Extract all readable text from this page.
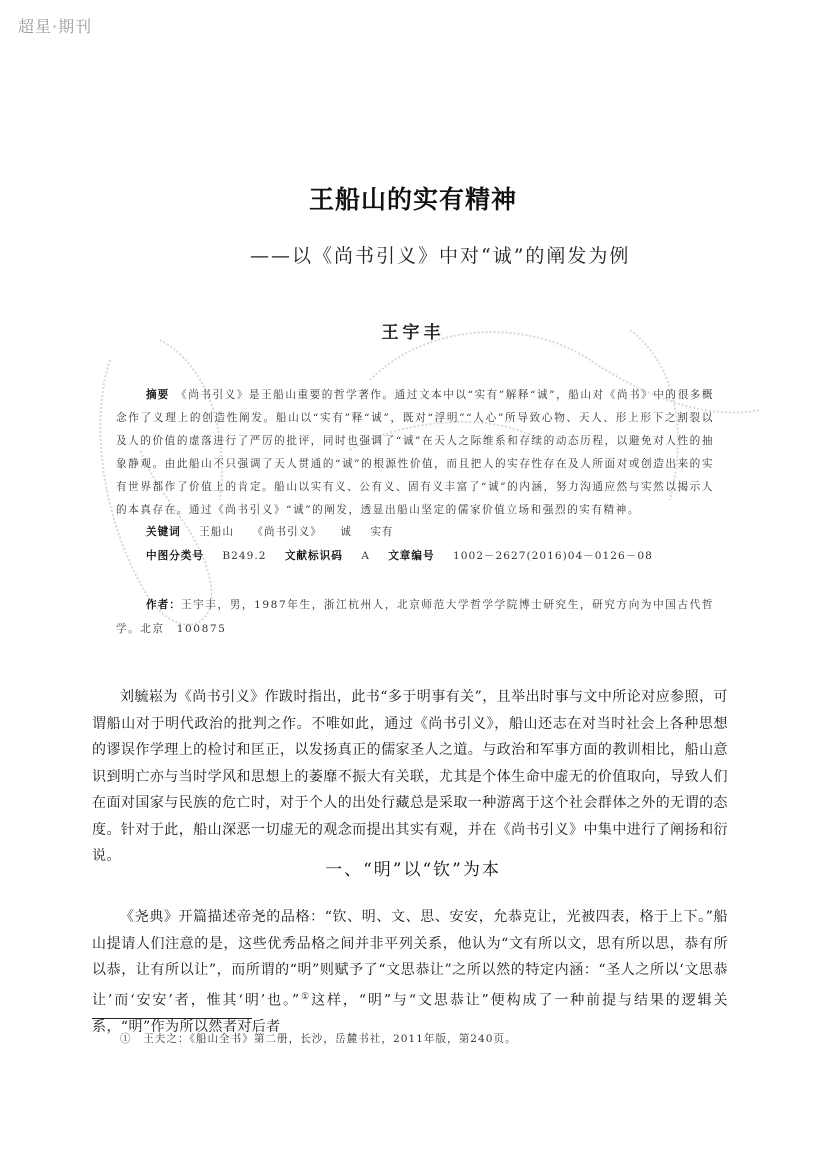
超星·期刊
王船山的实有精神
——以《尚书引义》中对“诚”的阐发为例
王宇丰
摘要　 《尚书引义》是王船山重要的哲学著作。通过文本中以“实有”解释“诚”，船山对《尚书》中的很多概念作了义理上的创造性阐发。船山以“实有”释“诚”，既对“浮明”“人心”所导致心物、天人、形上形下之割裂以及人的价值的虚落进行了严厉的批评，同时也强调了“诚”在天人之际维系和存续的动态历程，以避免对人性的抽象静观。由此船山不只强调了天人贯通的“诚”的根源性价值，而且把人的实存性存在及人所面对或创造出来的实有世界都作了价值上的肯定。船山以实有义、公有义、固有义丰富了“诚”的内涵，努力沟通应然与实然以揭示人的本真存在。通过《尚书引义》“诚”的阐发，透显出船山坚定的儒家价值立场和强烈的实有精神。
关键词 王船山 《尚书引义》 诚 实有
中图分类号 B249.2 文献标识码 A 文章编号 1002－2627(2016)04－0126－08
作者：王宇丰，男，1987年生，浙江杭州人，北京师范大学哲学学院博士研究生，研究方向为中国古代哲学。北京　100875
刘毓崧为《尚书引义》作跋时指出，此书“多于明事有关”，且举出时事与文中所论对应参照，可谓船山对于明代政治的批判之作。不唯如此，通过《尚书引义》，船山还志在对当时社会上各种思想的谬误作学理上的检讨和匡正，以发扬真正的儒家圣人之道。与政治和军事方面的教训相比，船山意识到明亡亦与当时学风和思想上的萎靡不振大有关联，尤其是个体生命中虚无的价值取向，导致人们在面对国家与民族的危亡时，对于个人的出处行藏总是采取一种游离于这个社会群体之外的无谓的态度。针对于此，船山深恶一切虚无的观念而提出其实有观，并在《尚书引义》中集中进行了阐扬和衍说。
一、“明”以“钦”为本
《尧典》开篇描述帝尧的品格：“钦、明、文、思、安安，允恭克让，光被四表，格于上下。”船山提请人们注意的是，这些优秀品格之间并非平列关系，他认为“文有所以文，思有所以思，恭有所以恭，让有所以让”，而所谓的“明”则赋予了“文思恭让”之所以然的特定内涵：“圣人之所以‘文思恭让’而‘安安’者，惟其‘明’也。”①这样，“明”与“文思恭让”便构成了一种前提与结果的逻辑关系，“明”作为所以然者对后者
①　 王夫之：《船山全书》第二册，长沙，岳麓书社，2011年版，第240页。
